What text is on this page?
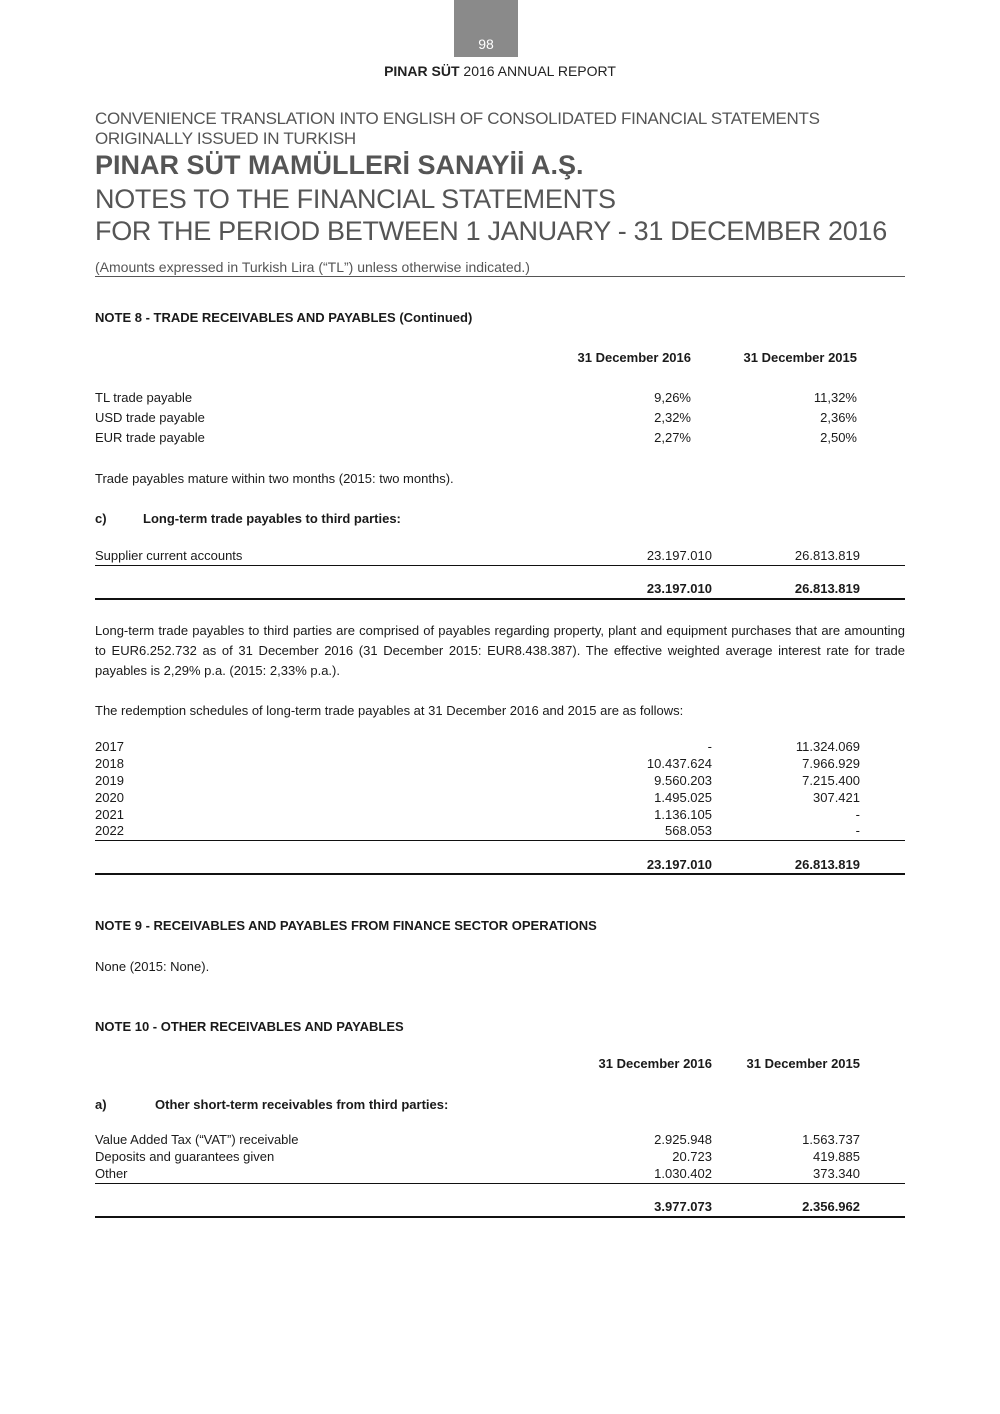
98
PINAR SÜT 2016 ANNUAL REPORT
CONVENIENCE TRANSLATION INTO ENGLISH OF CONSOLIDATED FINANCIAL STATEMENTS
ORIGINALLY ISSUED IN TURKISH
PINAR SÜT MAMÜLLERİ SANAYİİ A.Ş.
NOTES TO THE FINANCIAL STATEMENTS
FOR THE PERIOD BETWEEN 1 JANUARY - 31 DECEMBER 2016
(Amounts expressed in Turkish Lira (“TL”) unless otherwise indicated.)
NOTE 8 - TRADE RECEIVABLES AND PAYABLES (Continued)
31 December 2016	31 December 2015
TL trade payable	9,26%	11,32%
USD trade payable	2,32%	2,36%
EUR trade payable	2,27%	2,50%
Trade payables mature within two months (2015: two months).
c)	Long-term trade payables to third parties:
Supplier current accounts	23.197.010	26.813.819
23.197.010	26.813.819
Long-term trade payables to third parties are comprised of payables regarding property, plant and equipment purchases that are amounting to EUR6.252.732 as of 31 December 2016 (31 December 2015: EUR8.438.387). The effective weighted average interest rate for trade payables is 2,29% p.a. (2015: 2,33% p.a.).
The redemption schedules of long-term trade payables at 31 December 2016 and 2015 are as follows:
2017	-	11.324.069
2018	10.437.624	7.966.929
2019	9.560.203	7.215.400
2020	1.495.025	307.421
2021	1.136.105	-
2022	568.053	-
23.197.010	26.813.819
NOTE 9 - RECEIVABLES AND PAYABLES FROM FINANCE SECTOR OPERATIONS
None (2015: None).
NOTE 10 - OTHER RECEIVABLES AND PAYABLES
31 December 2016	31 December 2015
a)	Other short-term receivables from third parties:
Value Added Tax (“VAT”) receivable	2.925.948	1.563.737
Deposits and guarantees given	20.723	419.885
Other	1.030.402	373.340
3.977.073	2.356.962
